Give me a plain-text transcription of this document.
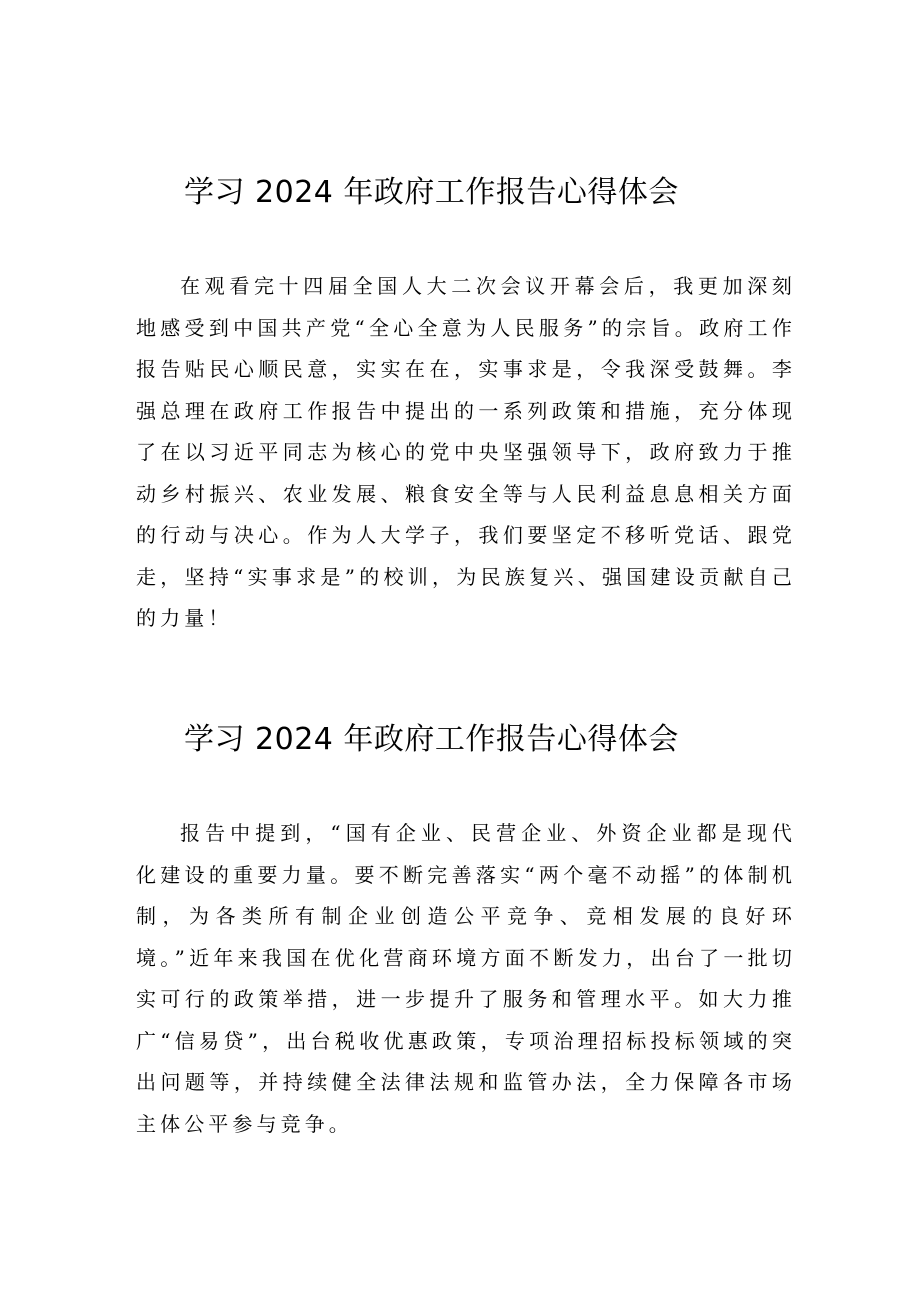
学习 2024 年政府工作报告心得体会

在观看完十四届全国人大二次会议开幕会后，我更加深刻地感受到中国共产党“全心全意为人民服务”的宗旨。政府工作报告贴民心顺民意，实实在在，实事求是，令我深受鼓舞。李强总理在政府工作报告中提出的一系列政策和措施，充分体现了在以习近平同志为核心的党中央坚强领导下，政府致力于推动乡村振兴、农业发展、粮食安全等与人民利益息息相关方面的行动与决心。作为人大学子，我们要坚定不移听党话、跟党走，坚持“实事求是”的校训，为民族复兴、强国建设贡献自己的力量！

学习 2024 年政府工作报告心得体会

报告中提到，“国有企业、民营企业、外资企业都是现代化建设的重要力量。要不断完善落实“两个毫不动摇”的体制机制，为各类所有制企业创造公平竞争、竞相发展的良好环境。”近年来我国在优化营商环境方面不断发力，出台了一批切实可行的政策举措，进一步提升了服务和管理水平。如大力推广“信易贷”，出台税收优惠政策，专项治理招标投标领域的突出问题等，并持续健全法律法规和监管办法，全力保障各市场主体公平参与竞争。
